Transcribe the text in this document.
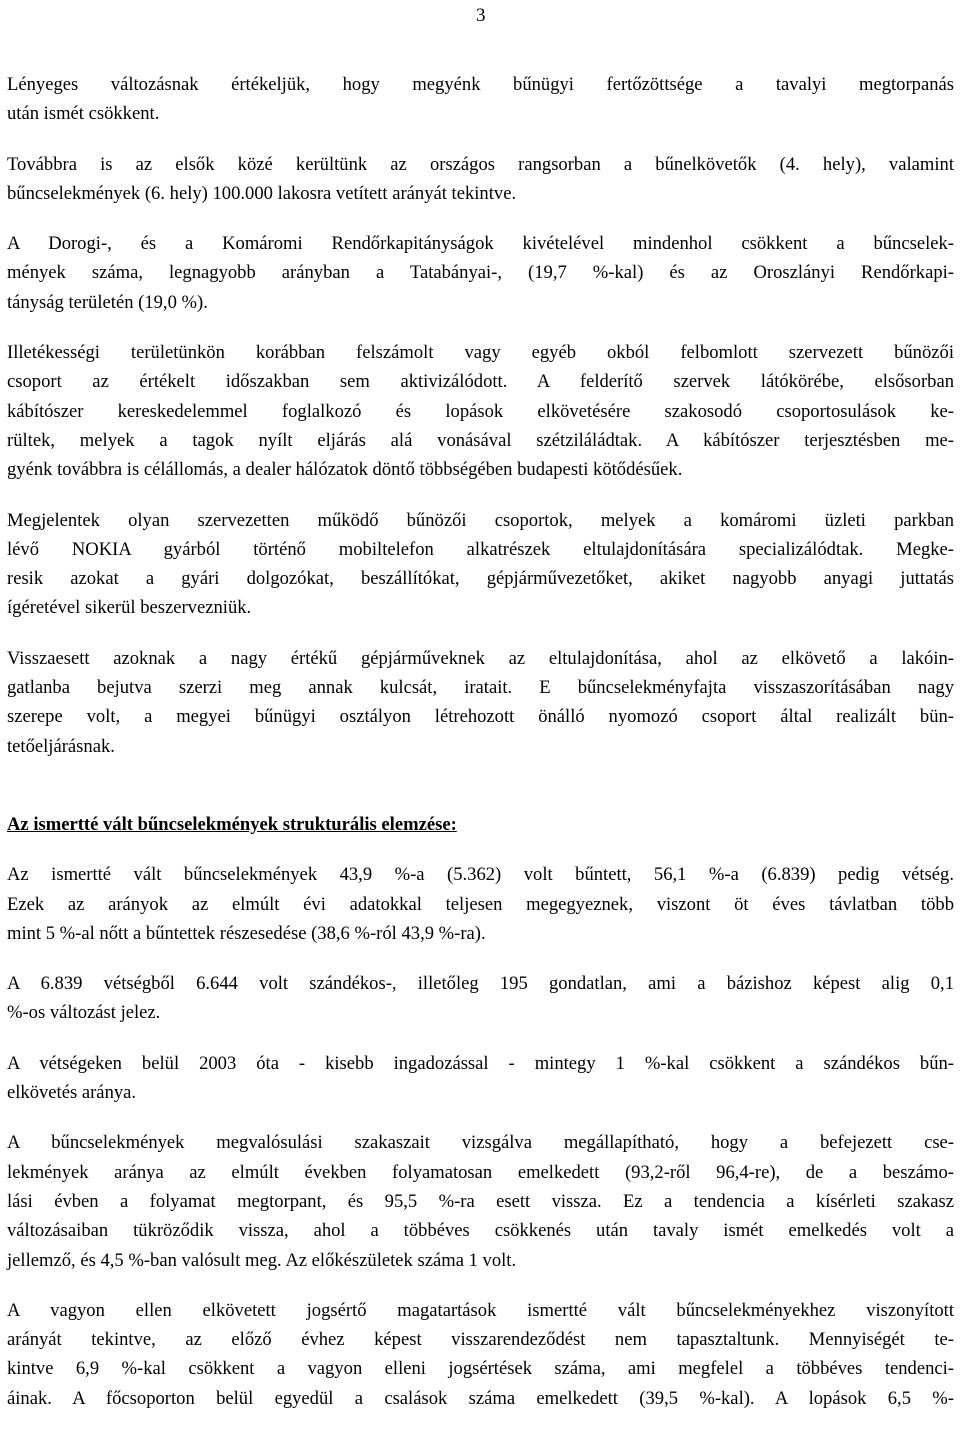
3
Lényeges változásnak értékeljük, hogy megyénk bűnügyi fertőzöttsége a tavalyi megtorpanás
után ismét csökkent.
Továbbra is az elsők közé kerültünk az országos rangsorban a bűnelkövetők (4. hely), valamint
bűncselekmények (6. hely) 100.000 lakosra vetített arányát tekintve.
A Dorogi-, és a Komáromi Rendőrkapitányságok kivételével mindenhol csökkent a bűncselek-
mények száma, legnagyobb arányban a Tatabányai-, (19,7 %-kal) és az Oroszlányi Rendőrkapi-
tányság területén (19,0 %).
Illetékességi területünkön korábban felszámolt vagy egyéb okból felbomlott szervezett bűnözői
csoport az értékelt időszakban sem aktivizálódott. A felderítő szervek látókörébe, elsősorban
kábítószer kereskedelemmel foglalkozó és lopások elkövetésére szakosodó csoportosulások ke-
rültek, melyek a tagok nyílt eljárás alá vonásával szétziláládtak. A kábítószer terjesztésben me-
gyénk továbbra is célállomás, a dealer hálózatok döntő többségében budapesti kötődésűek.
Megjelentek olyan szervezetten működő bűnözői csoportok, melyek a komáromi üzleti parkban
lévő NOKIA gyárból történő mobiltelefon alkatrészek eltulajdonítására specializálódtak. Megke-
resik azokat a gyári dolgozókat, beszállítókat, gépjárművezetőket, akiket nagyobb anyagi juttatás
ígéretével sikerül beszervezniük.
Visszaesett azoknak a nagy értékű gépjárműveknek az eltulajdonítása, ahol az elkövető a lakóin-
gatlanba bejutva szerzi meg annak kulcsát, iratait. E bűncselekményfajta visszaszorításában nagy
szerepe volt, a megyei bűnügyi osztályon létrehozott önálló nyomozó csoport által realizált bün-
tetőeljárásnak.
Az ismertté vált bűncselekmények strukturális elemzése:
Az ismertté vált bűncselekmények 43,9 %-a (5.362) volt bűntett, 56,1 %-a (6.839) pedig vétség.
Ezek az arányok az elmúlt évi adatokkal teljesen megegyeznek, viszont öt éves távlatban több
mint 5 %-al nőtt a bűntettek részesedése (38,6 %-ról 43,9 %-ra).
A 6.839 vétségből 6.644 volt szándékos-, illetőleg 195 gondatlan, ami a bázishoz képest alig 0,1
%-os változást jelez.
A vétségeken belül 2003 óta - kisebb ingadozással - mintegy 1 %-kal csökkent a szándékos bűn-
elkövetés aránya.
A bűncselekmények megvalósulási szakaszait vizsgálva megállapítható, hogy a befejezett cse-
lekmények aránya az elmúlt években folyamatosan emelkedett (93,2-ről 96,4-re), de a beszámo-
lási évben a folyamat megtorpant, és 95,5 %-ra esett vissza. Ez a tendencia a kísérleti szakasz
változásaiban tükröződik vissza, ahol a többéves csökkenés után tavaly ismét emelkedés volt a
jellemző, és 4,5 %-ban valósult meg. Az előkészületek száma 1 volt.
A vagyon ellen elkövetett jogsértő magatartások ismertté vált bűncselekményekhez viszonyított
arányát tekintve, az előző évhez képest visszarendeződést nem tapasztaltunk. Mennyiségét te-
kintve 6,9 %-kal csökkent a vagyon elleni jogsértések száma, ami megfelel a többéves tendenci-
áinak. A főcsoporton belül egyedül a csalások száma emelkedett (39,5 %-kal). A lopások 6,5 %-
